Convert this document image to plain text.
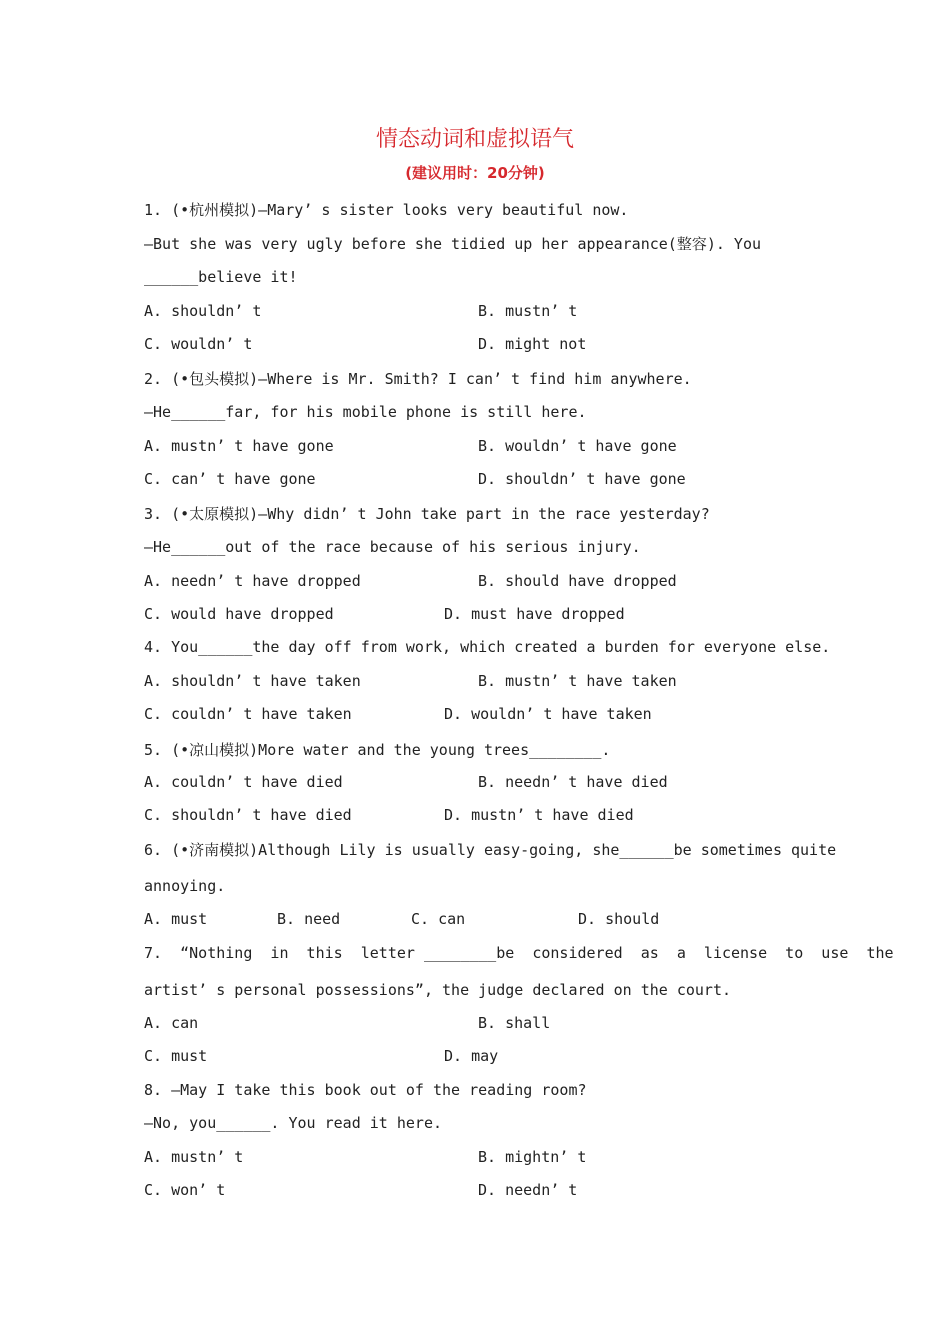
情态动词和虚拟语气
(建议用时：20分钟)
1. (•杭州模拟)—Mary’ s sister looks very beautiful now.
—But she was very ugly before she tidied up her appearance(整容). You
______believe it!
A. shouldn’ t	B. mustn’ t
C. wouldn’ t	D. might not
2. (•包头模拟)—Where is Mr. Smith? I can’ t find him anywhere.
—He______far, for his mobile phone is still here.
A. mustn’ t have gone	B. wouldn’ t have gone
C. can’ t have gone	D. shouldn’ t have gone
3. (•太原模拟)—Why didn’ t John take part in the race yesterday?
—He______out of the race because of his serious injury.
A. needn’ t have dropped	B. should have dropped
C. would have dropped	D. must have dropped
4. You______the day off from work, which created a burden for everyone else.
A. shouldn’ t have taken	B. mustn’ t have taken
C. couldn’ t have taken	D. wouldn’ t have taken
5. (•凉山模拟)More water and the young trees________.
A. couldn’ t have died	B. needn’ t have died
C. shouldn’ t have died	D. mustn’ t have died
6. (•济南模拟)Although Lily is usually easy-going, she______be sometimes quite
annoying.
A. must	B. need	C. can	D. should
7.  “Nothing  in  this  letter ________be  considered  as  a  license  to  use  the
artist’ s personal possessions”, the judge declared on the court.
A. can	B. shall
C. must	D. may
8. —May I take this book out of the reading room?
—No, you______. You read it here.
A. mustn’ t	B. mightn’ t
C. won’ t	D. needn’ t
